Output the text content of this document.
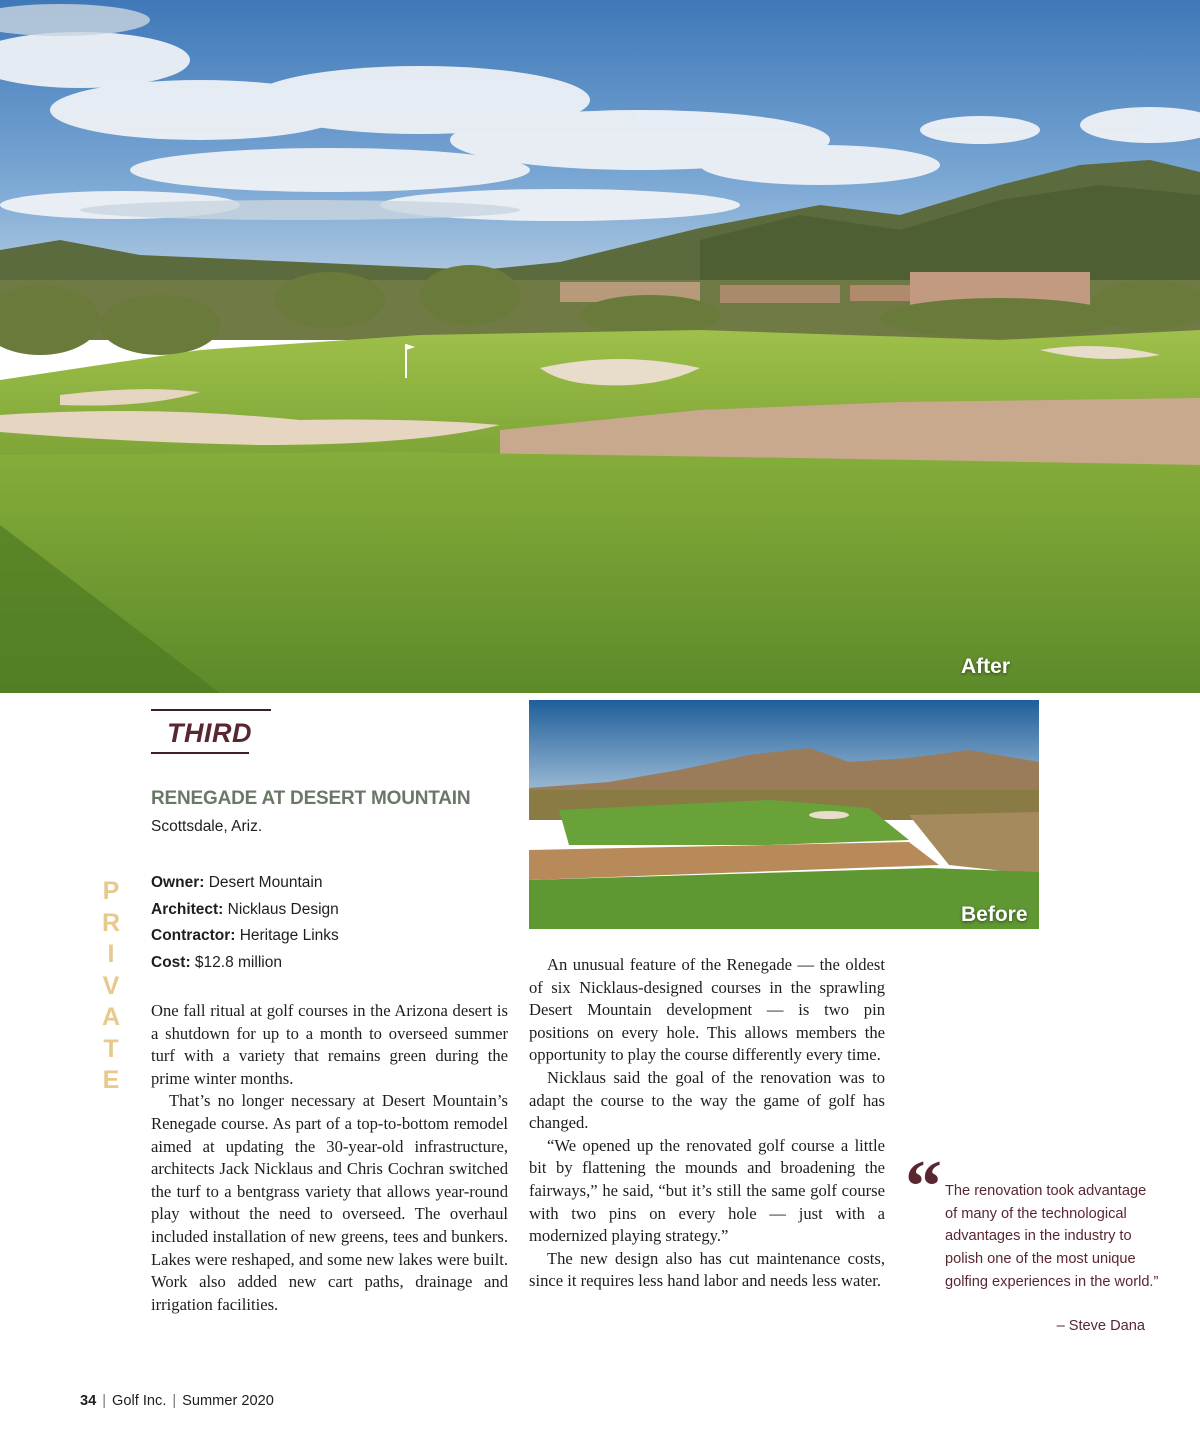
After
Before
THIRD
RENEGADE AT DESERT MOUNTAIN
Scottsdale, Ariz.
P
R
I
V
A
T
E
Owner: Desert Mountain
Architect: Nicklaus Design
Contractor: Heritage Links
Cost: $12.8 million

One fall ritual at golf courses in the Arizona desert is a shutdown for up to a month to overseed summer turf with a variety that remains green during the prime winter months.

That’s no longer necessary at Desert Mountain’s Renegade course. As part of a top-to-bottom remodel aimed at updating the 30-year-old infrastructure, architects Jack Nicklaus and Chris Cochran switched the turf to a bentgrass variety that allows year-round play without the need to overseed. The overhaul included installation of new greens, tees and bunkers. Lakes were reshaped, and some new lakes were built. Work also added new cart paths, drainage and irrigation facilities.

An unusual feature of the Renegade — the oldest of six Nicklaus-designed courses in the sprawling Desert Mountain development — is two pin positions on every hole. This allows members the opportunity to play the course differently every time.

Nicklaus said the goal of the renovation was to adapt the course to the way the game of golf has changed.

“We opened up the renovated golf course a little bit by flattening the mounds and broadening the fairways,” he said, “but it’s still the same golf course with two pins on every hole — just with a modernized playing strategy.”

The new design also has cut maintenance costs, since it requires less hand labor and needs less water.

“ The renovation took advantage of many of the technological advantages in the industry to polish one of the most unique golfing experiences in the world.”
– Steve Dana
34 | Golf Inc. | Summer 2020
